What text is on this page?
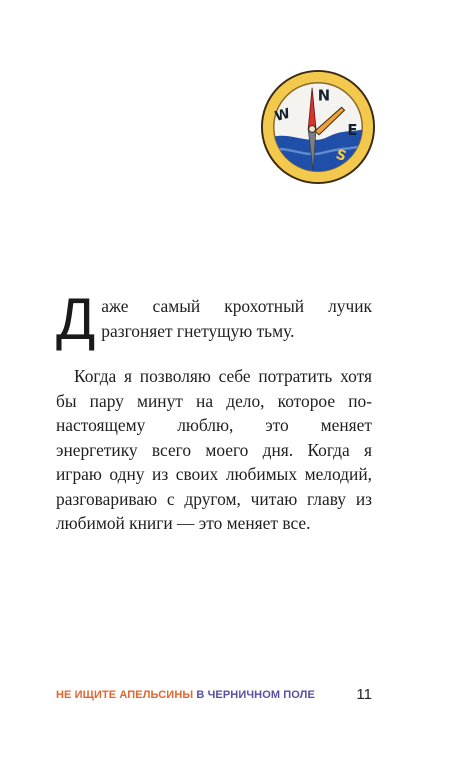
N
W
E
S

Даже самый крохотный лучик разгоняет гнетущую тьму.

Когда я позволяю себе потратить хотя бы пару минут на дело, которое по-настоящему люблю, это меняет энергетику всего моего дня. Когда я играю одну из своих любимых мелодий, разговариваю с другом, читаю главу из любимой книги — это меняет все.

НЕ ИЩИТЕ АПЕЛЬСИНЫ В ЧЕРНИЧНОМ ПОЛЕ	11
